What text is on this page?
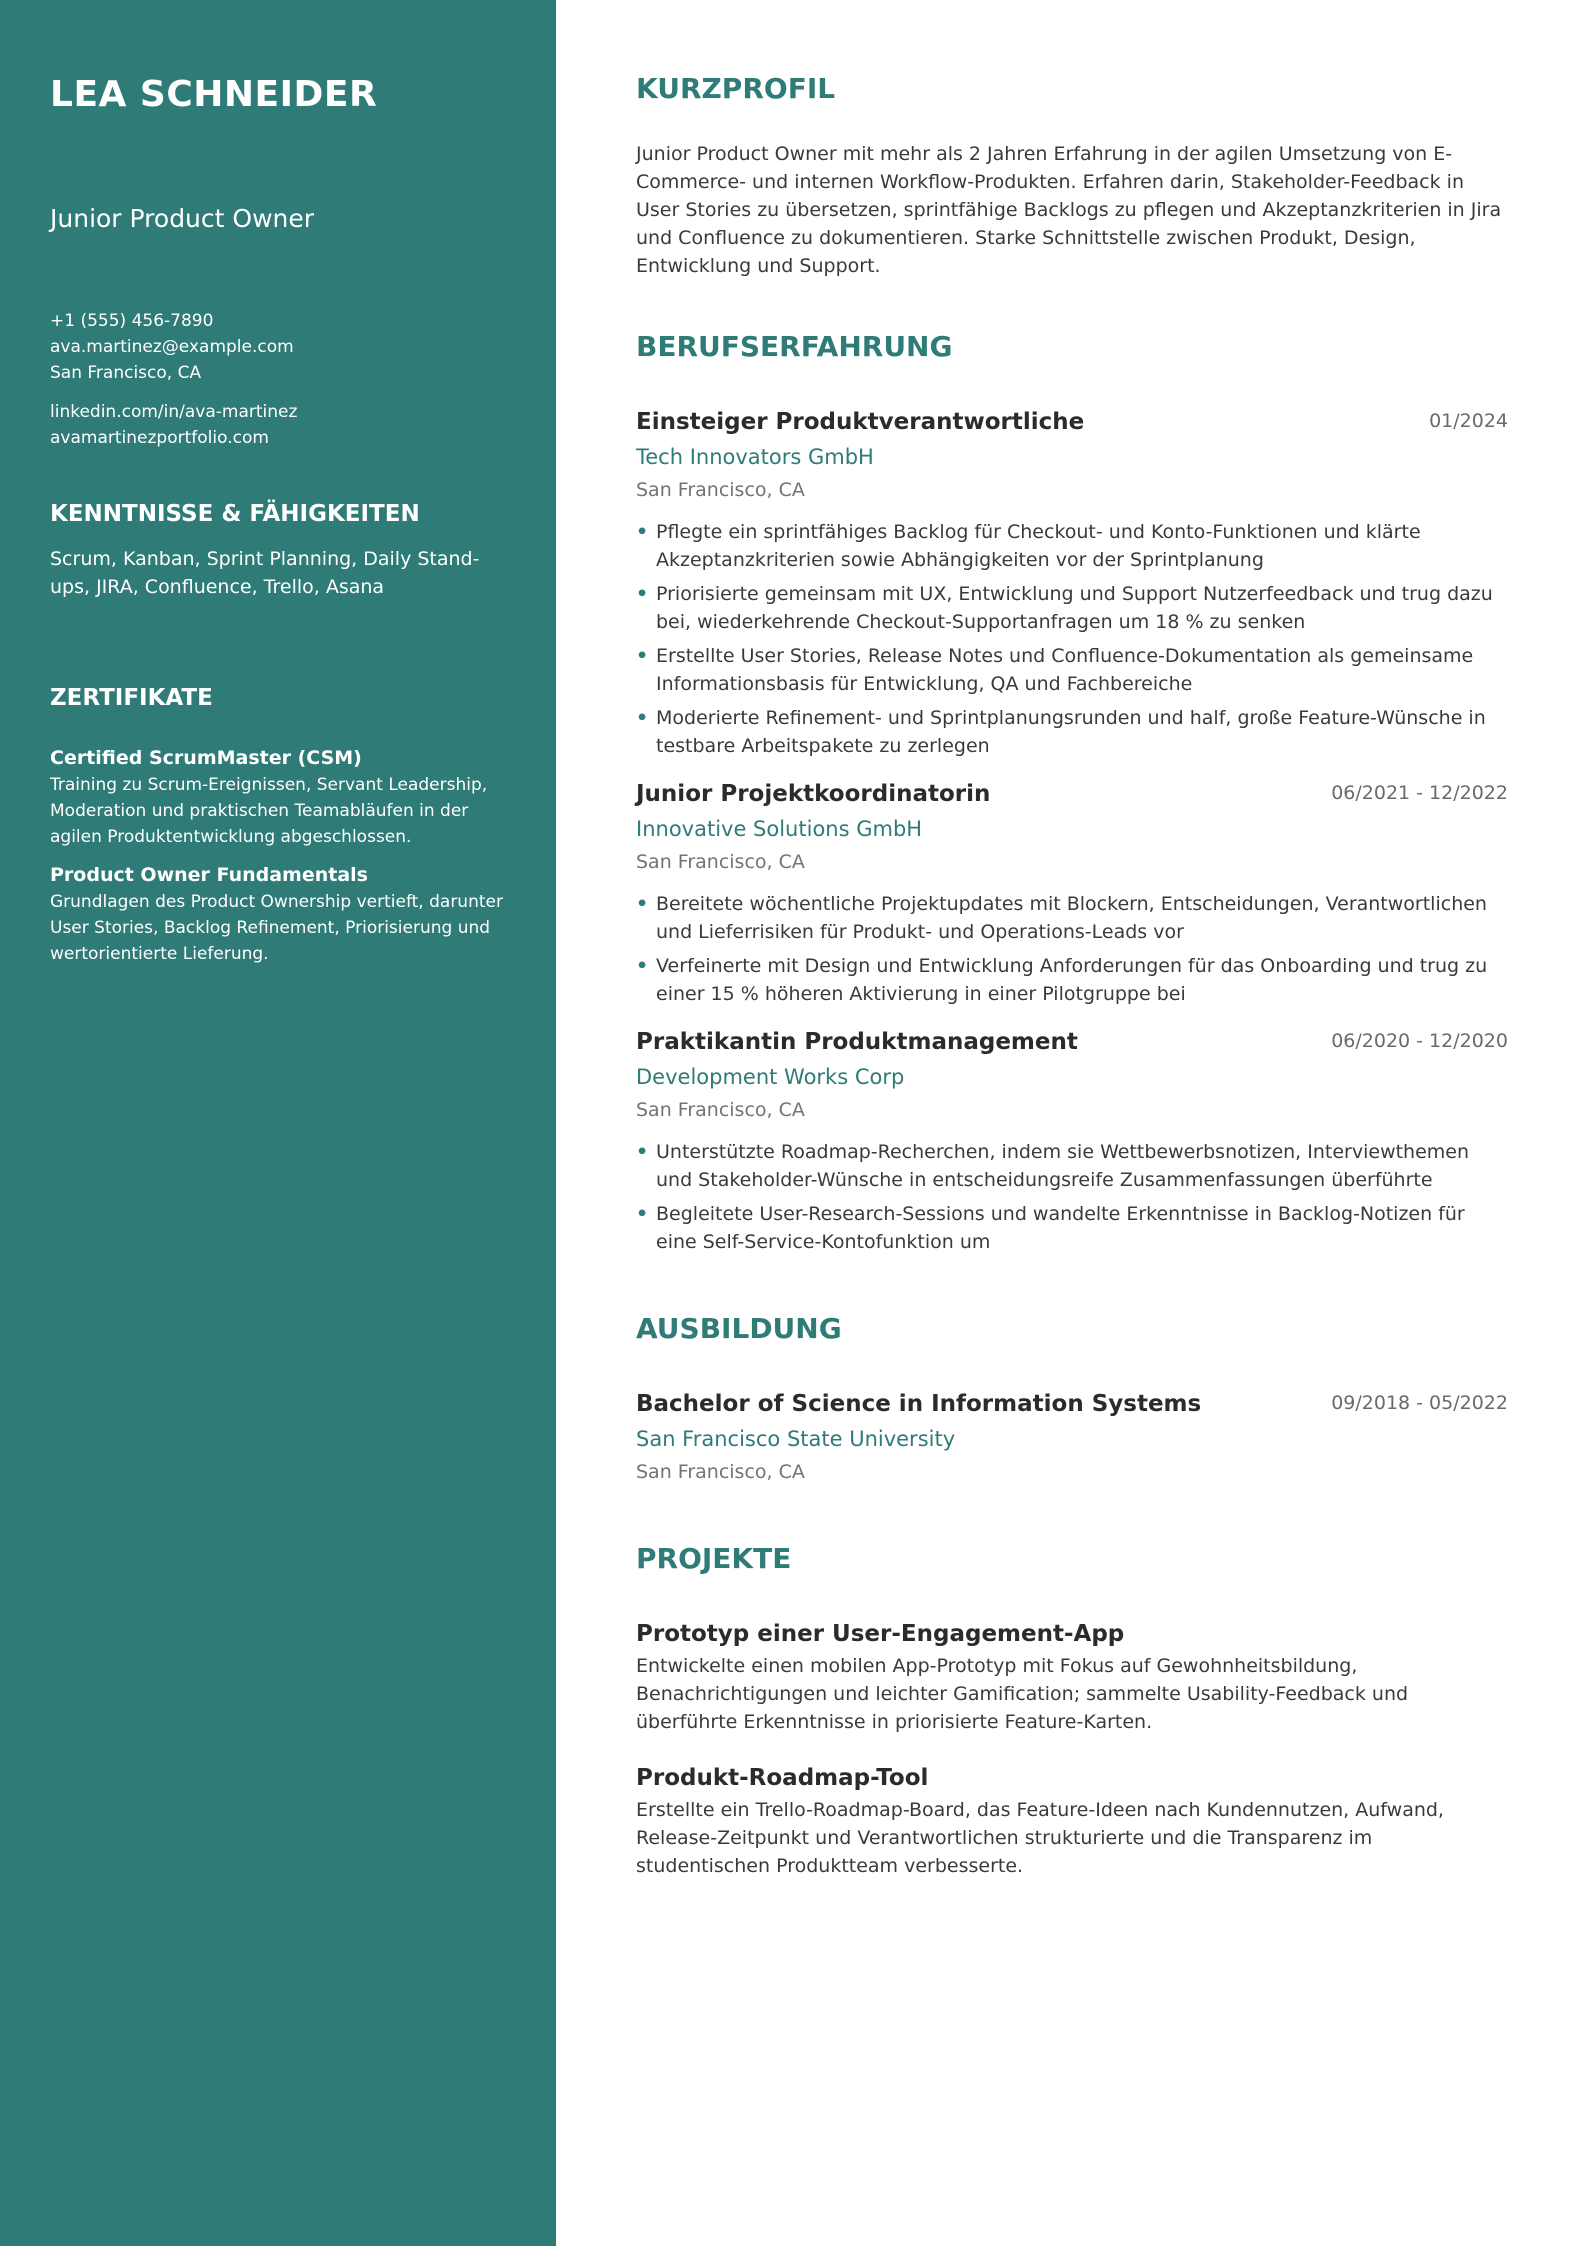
LEA SCHNEIDER
Junior Product Owner
+1 (555) 456-7890
ava.martinez@example.com
San Francisco, CA
linkedin.com/in/ava-martinez
avamartinezportfolio.com
KENNTNISSE & FÄHIGKEITEN
Scrum, Kanban, Sprint Planning, Daily Stand-ups, JIRA, Confluence, Trello, Asana
ZERTIFIKATE
Certified ScrumMaster (CSM)
Training zu Scrum-Ereignissen, Servant Leadership, Moderation und praktischen Teamabläufen in der agilen Produktentwicklung abgeschlossen.
Product Owner Fundamentals
Grundlagen des Product Ownership vertieft, darunter User Stories, Backlog Refinement, Priorisierung und wertorientierte Lieferung.
KURZPROFIL
Junior Product Owner mit mehr als 2 Jahren Erfahrung in der agilen Umsetzung von E-Commerce- und internen Workflow-Produkten. Erfahren darin, Stakeholder-Feedback in User Stories zu übersetzen, sprintfähige Backlogs zu pflegen und Akzeptanzkriterien in Jira und Confluence zu dokumentieren. Starke Schnittstelle zwischen Produkt, Design, Entwicklung und Support.
BERUFSERFAHRUNG
Einsteiger Produktverantwortliche	01/2024
Tech Innovators GmbH
San Francisco, CA
• Pflegte ein sprintfähiges Backlog für Checkout- und Konto-Funktionen und klärte Akzeptanzkriterien sowie Abhängigkeiten vor der Sprintplanung
• Priorisierte gemeinsam mit UX, Entwicklung und Support Nutzerfeedback und trug dazu bei, wiederkehrende Checkout-Supportanfragen um 18 % zu senken
• Erstellte User Stories, Release Notes und Confluence-Dokumentation als gemeinsame Informationsbasis für Entwicklung, QA und Fachbereiche
• Moderierte Refinement- und Sprintplanungsrunden und half, große Feature-Wünsche in testbare Arbeitspakete zu zerlegen
Junior Projektkoordinatorin	06/2021 - 12/2022
Innovative Solutions GmbH
San Francisco, CA
• Bereitete wöchentliche Projektupdates mit Blockern, Entscheidungen, Verantwortlichen und Lieferrisiken für Produkt- und Operations-Leads vor
• Verfeinerte mit Design und Entwicklung Anforderungen für das Onboarding und trug zu einer 15 % höheren Aktivierung in einer Pilotgruppe bei
Praktikantin Produktmanagement	06/2020 - 12/2020
Development Works Corp
San Francisco, CA
• Unterstützte Roadmap-Recherchen, indem sie Wettbewerbsnotizen, Interviewthemen und Stakeholder-Wünsche in entscheidungsreife Zusammenfassungen überführte
• Begleitete User-Research-Sessions und wandelte Erkenntnisse in Backlog-Notizen für eine Self-Service-Kontofunktion um
AUSBILDUNG
Bachelor of Science in Information Systems	09/2018 - 05/2022
San Francisco State University
San Francisco, CA
PROJEKTE
Prototyp einer User-Engagement-App
Entwickelte einen mobilen App-Prototyp mit Fokus auf Gewohnheitsbildung, Benachrichtigungen und leichter Gamification; sammelte Usability-Feedback und überführte Erkenntnisse in priorisierte Feature-Karten.
Produkt-Roadmap-Tool
Erstellte ein Trello-Roadmap-Board, das Feature-Ideen nach Kundennutzen, Aufwand, Release-Zeitpunkt und Verantwortlichen strukturierte und die Transparenz im studentischen Produktteam verbesserte.
